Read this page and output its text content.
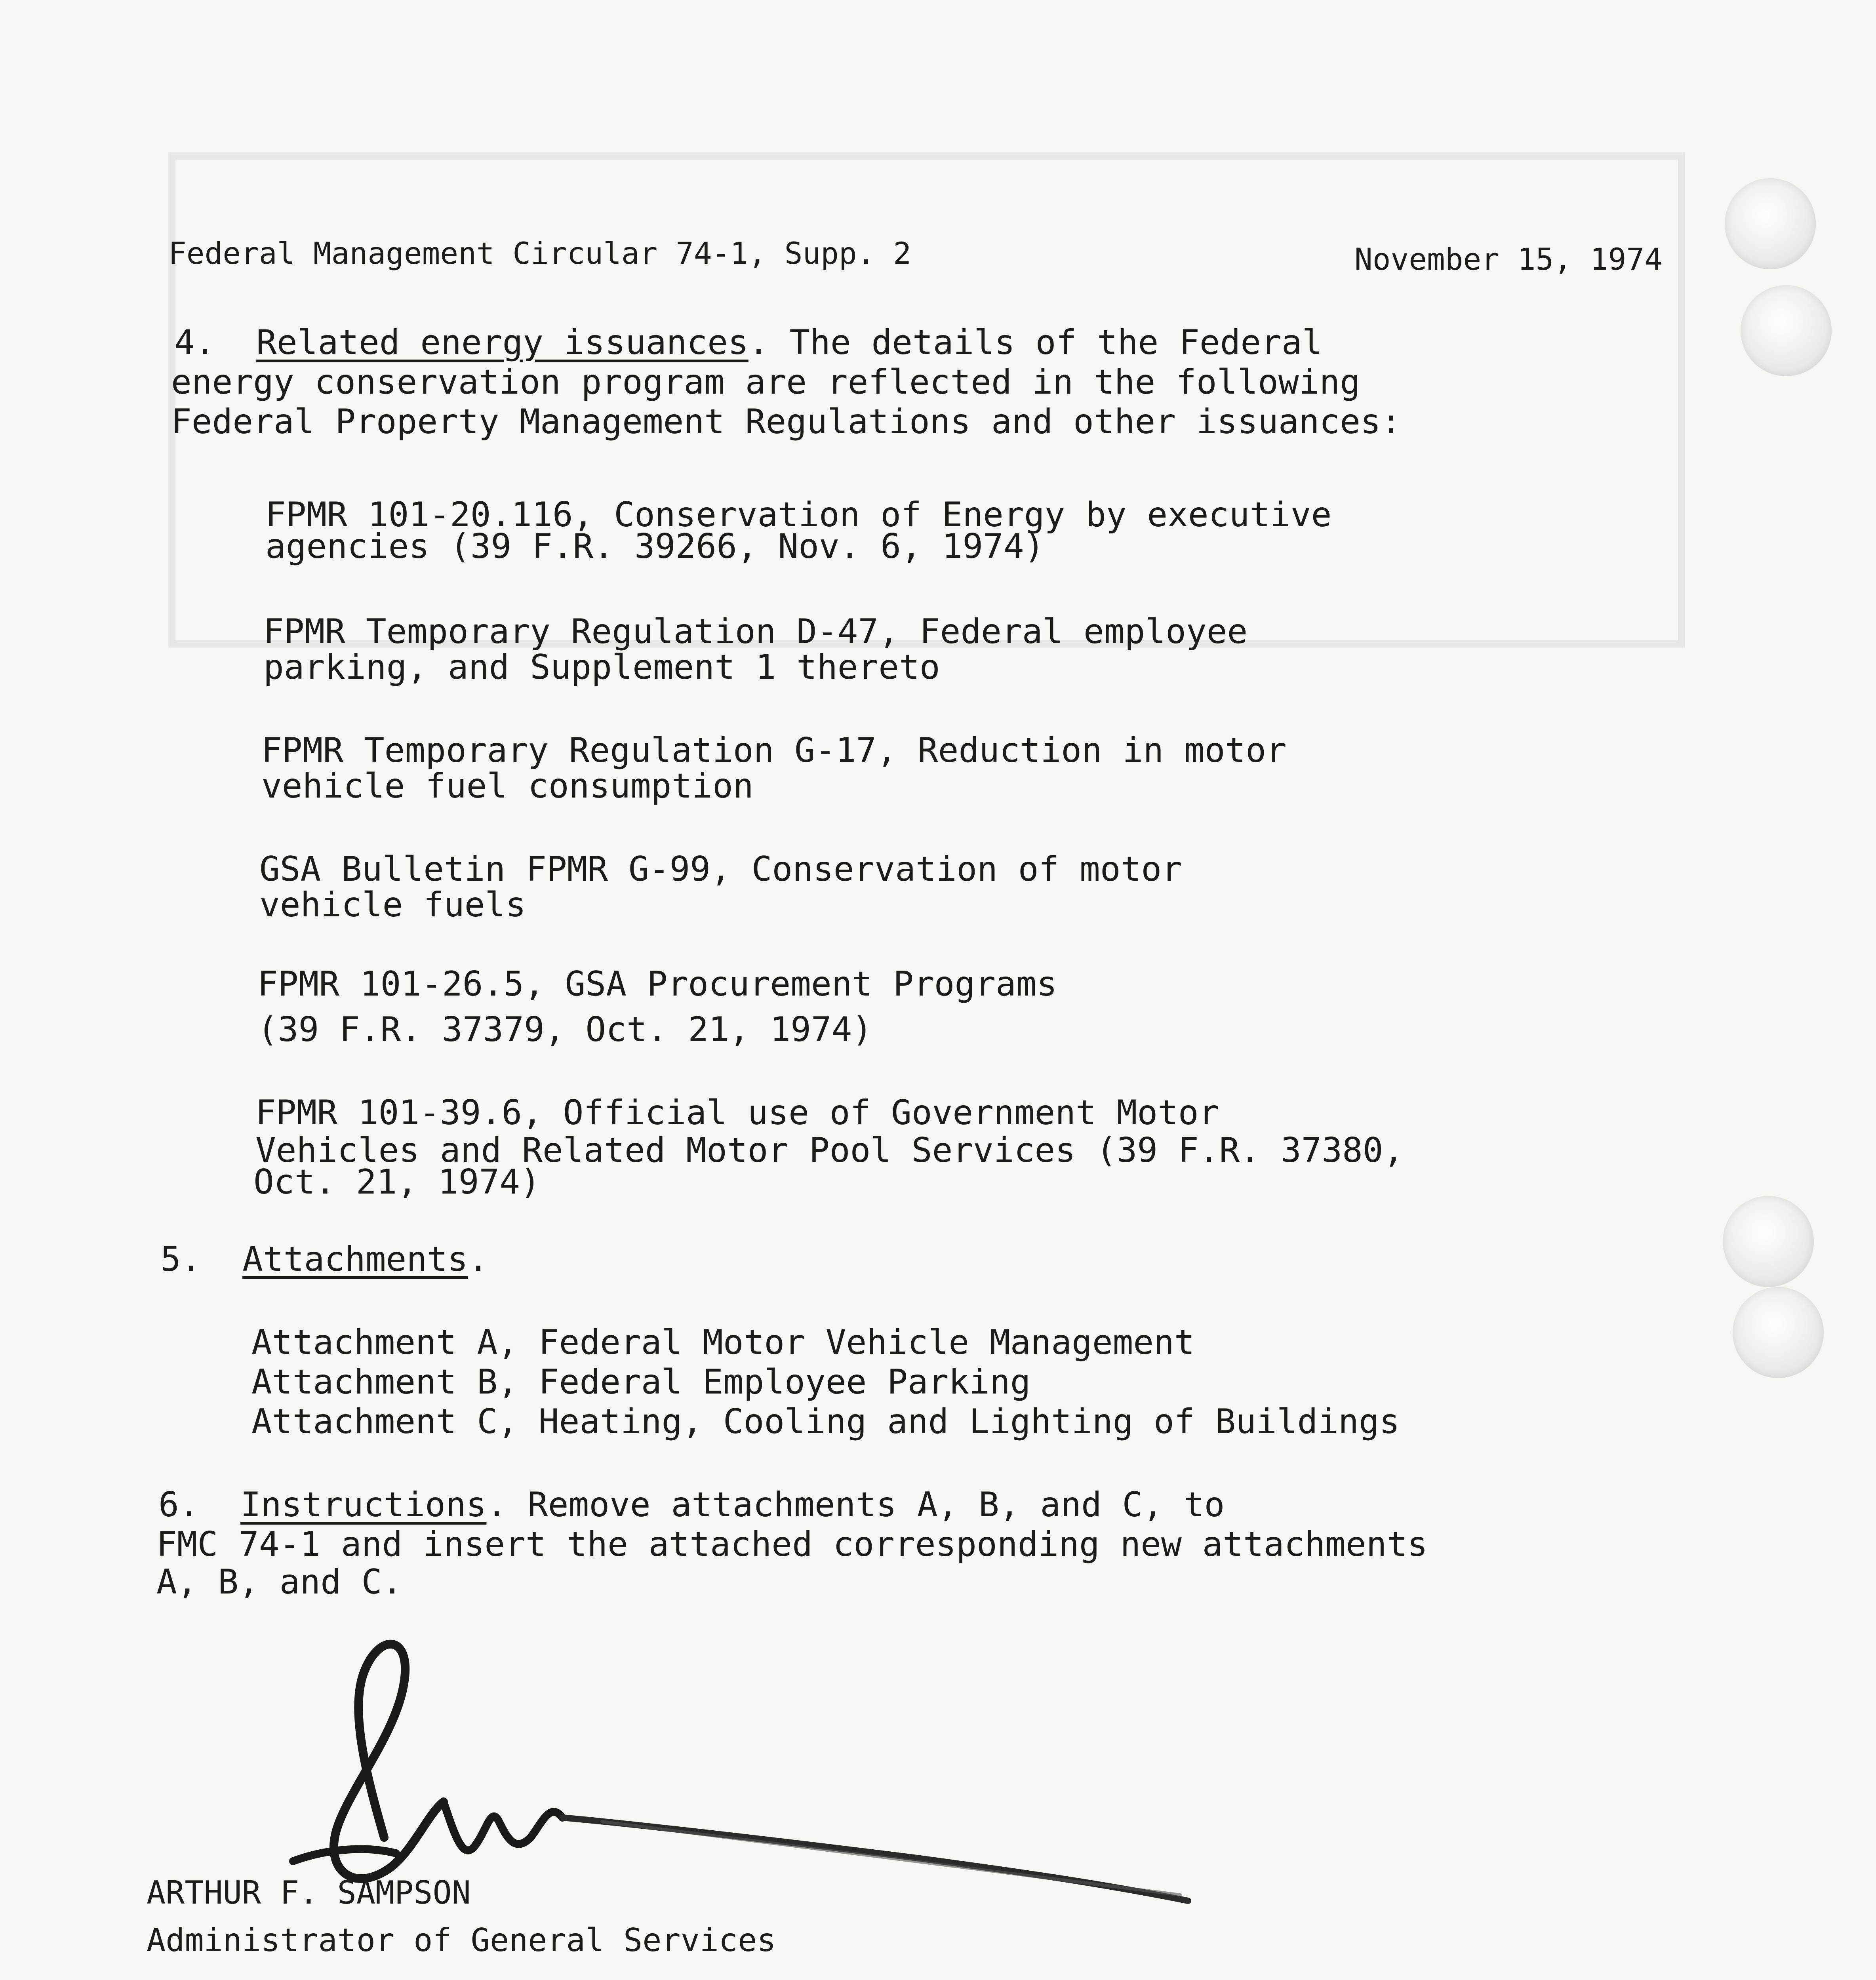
Federal Management Circular 74-1, Supp. 2	November 15, 1974
4. Related energy issuances. The details of the Federal
energy conservation program are reflected in the following
Federal Property Management Regulations and other issuances:
FPMR 101-20.116, Conservation of Energy by executive
agencies (39 F.R. 39266, Nov. 6, 1974)
FPMR Temporary Regulation D-47, Federal employee
parking, and Supplement 1 thereto
FPMR Temporary Regulation G-17, Reduction in motor
vehicle fuel consumption
GSA Bulletin FPMR G-99, Conservation of motor
vehicle fuels
FPMR 101-26.5, GSA Procurement Programs
(39 F.R. 37379, Oct. 21, 1974)
FPMR 101-39.6, Official use of Government Motor
Vehicles and Related Motor Pool Services (39 F.R. 37380,
Oct. 21, 1974)
5. Attachments.
Attachment A, Federal Motor Vehicle Management
Attachment B, Federal Employee Parking
Attachment C, Heating, Cooling and Lighting of Buildings
6. Instructions. Remove attachments A, B, and C, to
FMC 74-1 and insert the attached corresponding new attachments
A, B, and C.
ARTHUR F. SAMPSON
Administrator of General Services
